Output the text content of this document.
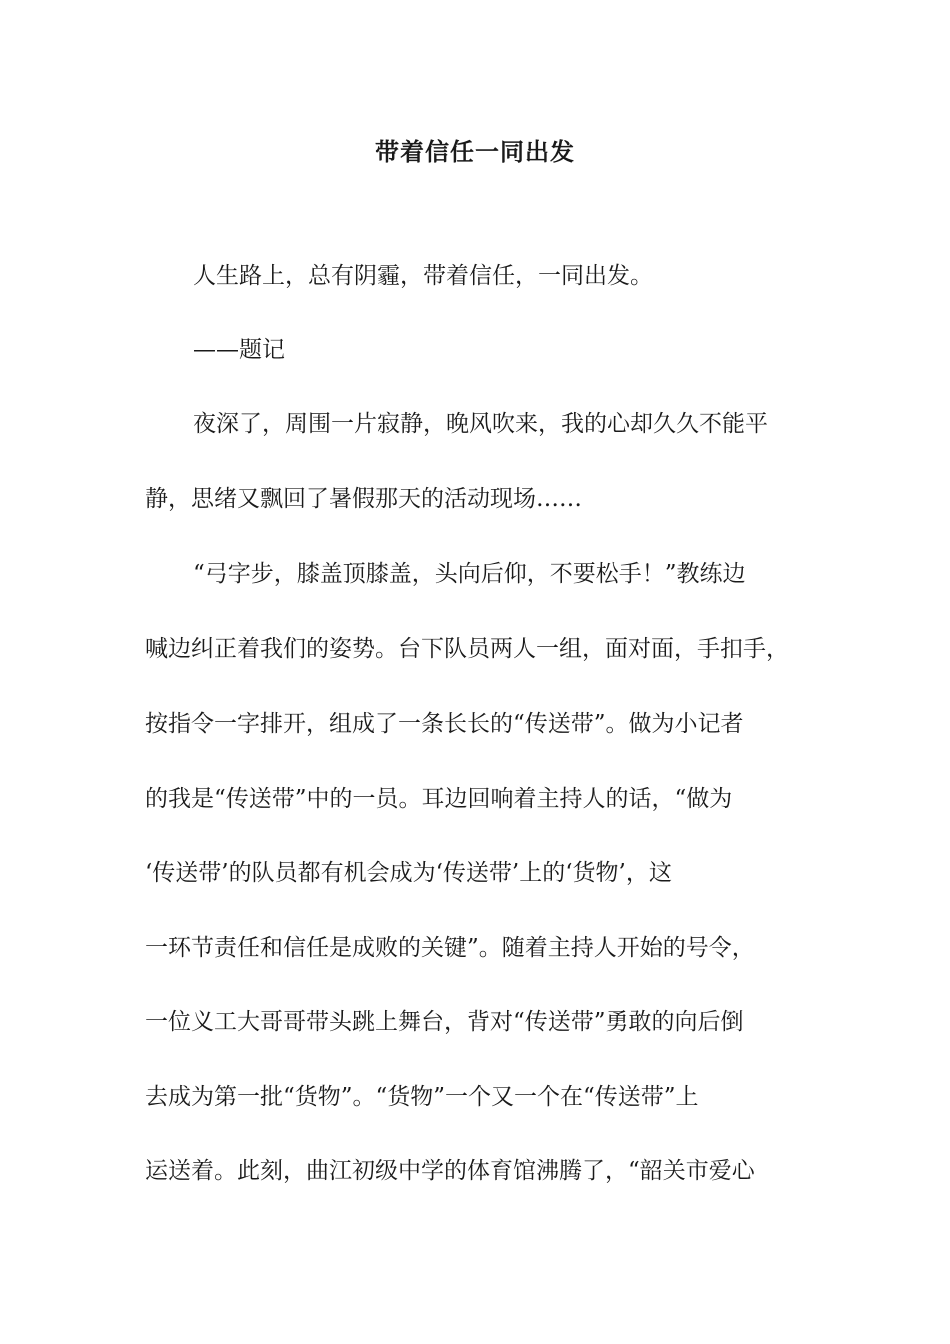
带着信任一同出发
人生路上，总有阴霾，带着信任，一同出发。
——题记
夜深了，周围一片寂静，晚风吹来，我的心却久久不能平
静，思绪又飘回了暑假那天的活动现场……
“弓字步，膝盖顶膝盖，头向后仰，不要松手！”教练边
喊边纠正着我们的姿势。台下队员两人一组，面对面，手扣手，
按指令一字排开，组成了一条长长的“传送带”。做为小记者
的我是“传送带”中的一员。耳边回响着主持人的话，“做为
‘传送带’的队员都有机会成为‘传送带’上的‘货物’，这
一环节责任和信任是成败的关键”。随着主持人开始的号令，
一位义工大哥哥带头跳上舞台，背对“传送带”勇敢的向后倒
去成为第一批“货物”。“货物”一个又一个在“传送带”上
运送着。此刻，曲江初级中学的体育馆沸腾了，“韶关市爱心
